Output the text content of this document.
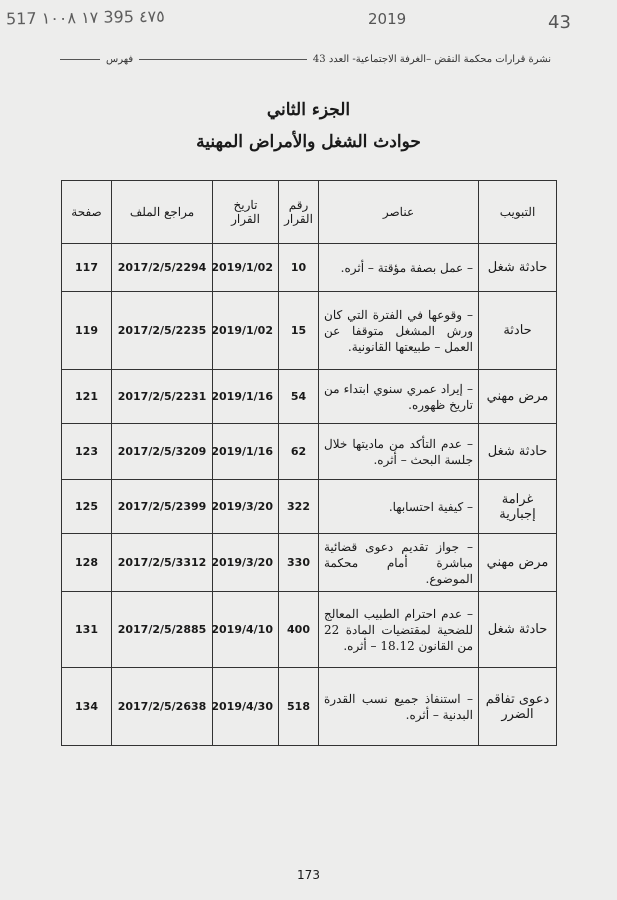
517 ١٧ ١٠٠٨ 395 ٤٧٥	2019	43
نشرة قرارات محكمة النقض –الغرفة الاجتماعية- العدد 43
فهرس
الجزء الثاني
حوادث الشغل والأمراض المهنية
التبويب	عناصر	رقم القرار	تاريخ القرار	مراجع الملف	صفحة
حادثة شغل	– عمل بصفة مؤقتة – أثره.	10	2019/1/02	2017/2/5/2294	117
حادثة	– وقوعها في الفترة التي كان ورش المشغل متوقفا عن العمل – طبيعتها القانونية.	15	2019/1/02	2017/2/5/2235	119
مرض مهني	– إيراد عمري سنوي ابتداء من تاريخ ظهوره.	54	2019/1/16	2017/2/5/2231	121
حادثة شغل	– عدم التأكد من ماديتها خلال جلسة البحث – أثره.	62	2019/1/16	2017/2/5/3209	123
غرامة إجبارية	– كيفية احتسابها.	322	2019/3/20	2017/2/5/2399	125
مرض مهني	– جواز تقديم دعوى قضائية مباشرة أمام محكمة الموضوع.	330	2019/3/20	2017/2/5/3312	128
حادثة شغل	– عدم احترام الطبيب المعالج للضحية لمقتضيات المادة 22 من القانون 18.12 – أثره.	400	2019/4/10	2017/2/5/2885	131
دعوى تفاقم الضرر	– استنفاذ جميع نسب القدرة البدنية – أثره.	518	2019/4/30	2017/2/5/2638	134
173
